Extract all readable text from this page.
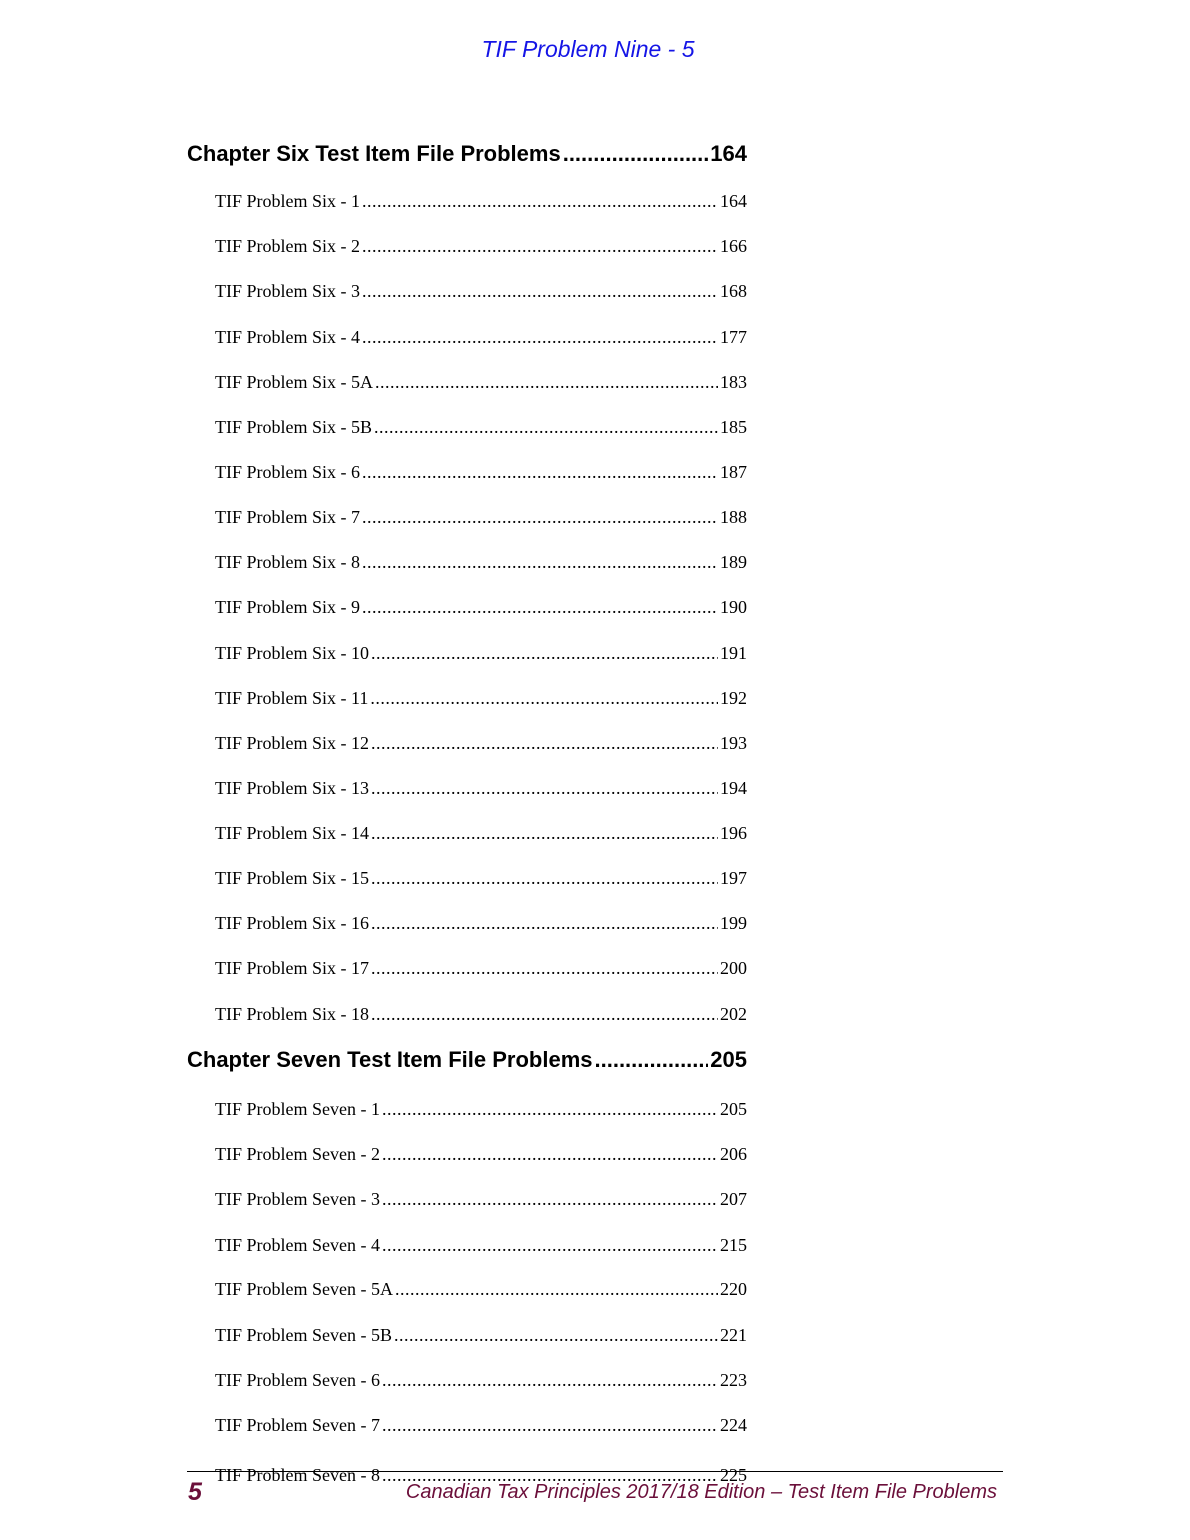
TIF Problem Nine - 5
Chapter Six Test Item File Problems .....	164
TIF Problem Six - 1 .....	164
TIF Problem Six - 2 .....	166
TIF Problem Six - 3 .....	168
TIF Problem Six - 4 .....	177
TIF Problem Six - 5A .....	183
TIF Problem Six - 5B .....	185
TIF Problem Six - 6 .....	187
TIF Problem Six - 7 .....	188
TIF Problem Six - 8 .....	189
TIF Problem Six - 9 .....	190
TIF Problem Six - 10 .....	191
TIF Problem Six - 11 .....	192
TIF Problem Six - 12 .....	193
TIF Problem Six - 13 .....	194
TIF Problem Six - 14 .....	196
TIF Problem Six - 15 .....	197
TIF Problem Six - 16 .....	199
TIF Problem Six - 17 .....	200
TIF Problem Six - 18 .....	202
Chapter Seven Test Item File Problems .....	205
TIF Problem Seven - 1 .....	205
TIF Problem Seven - 2 .....	206
TIF Problem Seven - 3 .....	207
TIF Problem Seven - 4 .....	215
TIF Problem Seven - 5A .....	220
TIF Problem Seven - 5B .....	221
TIF Problem Seven - 6 .....	223
TIF Problem Seven - 7 .....	224
TIF Problem Seven - 8 .....	225
5	Canadian Tax Principles 2017/18 Edition – Test Item File Problems
